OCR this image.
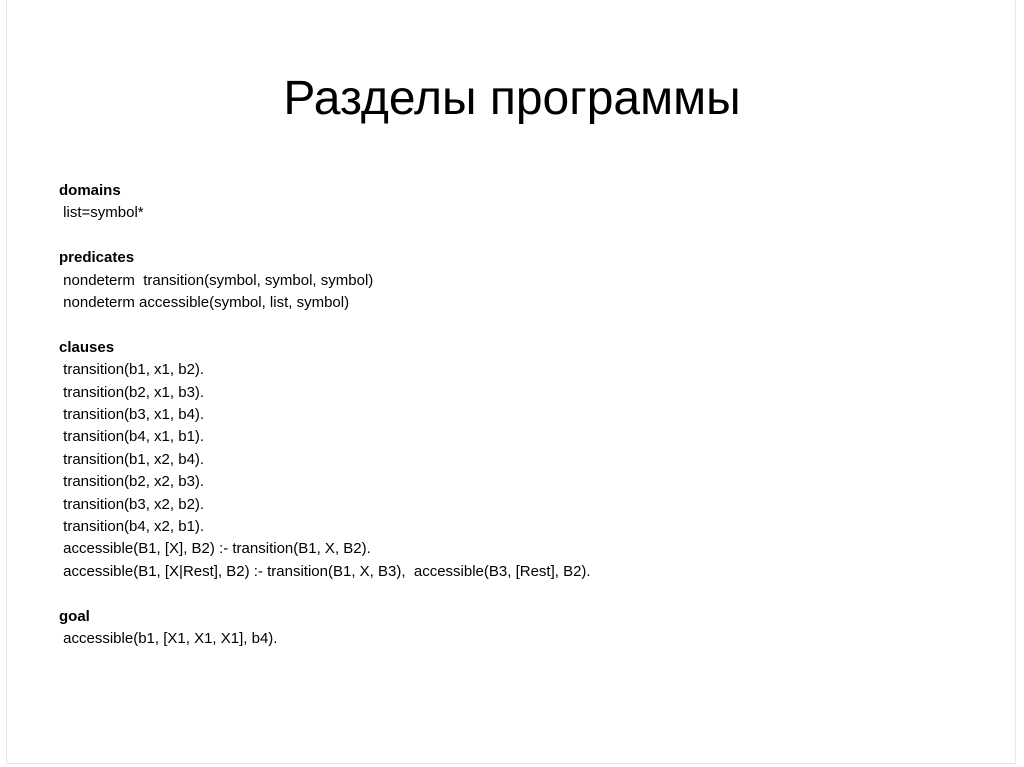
Разделы программы
domains
list=symbol*
predicates
nondeterm  transition(symbol, symbol, symbol)
nondeterm accessible(symbol, list, symbol)
clauses
transition(b1, x1, b2).
transition(b2, x1, b3).
transition(b3, x1, b4).
transition(b4, x1, b1).
transition(b1, x2, b4).
transition(b2, x2, b3).
transition(b3, x2, b2).
transition(b4, x2, b1).
accessible(B1, [X], B2) :- transition(B1, X, B2).
accessible(B1, [X|Rest], B2) :- transition(B1, X, B3),  accessible(B3, [Rest], B2).
goal
accessible(b1, [X1, X1, X1], b4).
